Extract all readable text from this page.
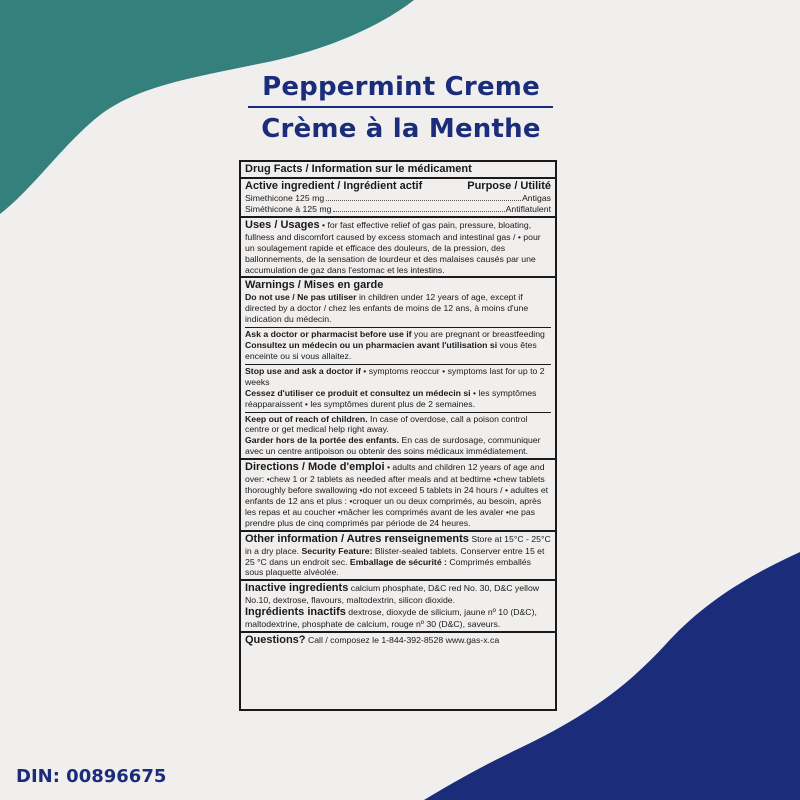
Peppermint Creme
Crème à la Menthe
Drug Facts / Information sur le médicament
Active ingredient / Ingrédient actif	Purpose / Utilité
Simethicone 125 mg	Antigas
Siméthicone à 125 mg	Antiflatulent

Uses / Usages • for fast effective relief of gas pain, pressure, bloating, fullness and discomfort caused by excess stomach and intestinal gas / • pour un soulagement rapide et efficace des douleurs, de la pression, des ballonnements, de la sensation de lourdeur et des malaises causés par une accumulation de gaz dans l'estomac et les intestins.

Warnings / Mises en garde

Do not use / Ne pas utiliser in children under 12 years of age, except if directed by a doctor / chez les enfants de moins de 12 ans, à moins d'une indication du médecin.

Ask a doctor or pharmacist before use if you are pregnant or breastfeeding

Consultez un médecin ou un pharmacien avant l'utilisation si vous êtes enceinte ou si vous allaitez.

Stop use and ask a doctor if • symptoms reoccur • symptoms last for up to 2 weeks

Cessez d'utiliser ce produit et consultez un médecin si • les symptômes réapparaissent • les symptômes durent plus de 2 semaines.

Keep out of reach of children. In case of overdose, call a poison control centre or get medical help right away.

Garder hors de la portée des enfants. En cas de surdosage, communiquer avec un centre antipoison ou obtenir des soins médicaux immédiatement.

Directions / Mode d'emploi • adults and children 12 years of age and over: •chew 1 or 2 tablets as needed after meals and at bedtime •chew tablets thoroughly before swallowing •do not exceed 5 tablets in 24 hours / • adultes et enfants de 12 ans et plus : •croquer un ou deux comprimés, au besoin, après les repas et au coucher •mâcher les comprimés avant de les avaler •ne pas prendre plus de cinq comprimés par période de 24 heures.

Other information / Autres renseignements Store at 15°C - 25°C in a dry place. Security Feature: Blister-sealed tablets. Conserver entre 15 et 25 °C dans un endroit sec. Emballage de sécurité : Comprimés emballés sous plaquette alvéolée.

Inactive ingredients calcium phosphate, D&C red No. 30, D&C yellow No.10, dextrose, flavours, maltodextrin, silicon dioxide.

Ingrédients inactifs dextrose, dioxyde de silicium, jaune nº 10 (D&C), maltodextrine, phosphate de calcium, rouge nº 30 (D&C), saveurs.

Questions? Call / composez le 1-844-392-8528 www.gas-x.ca

DIN: 00896675
